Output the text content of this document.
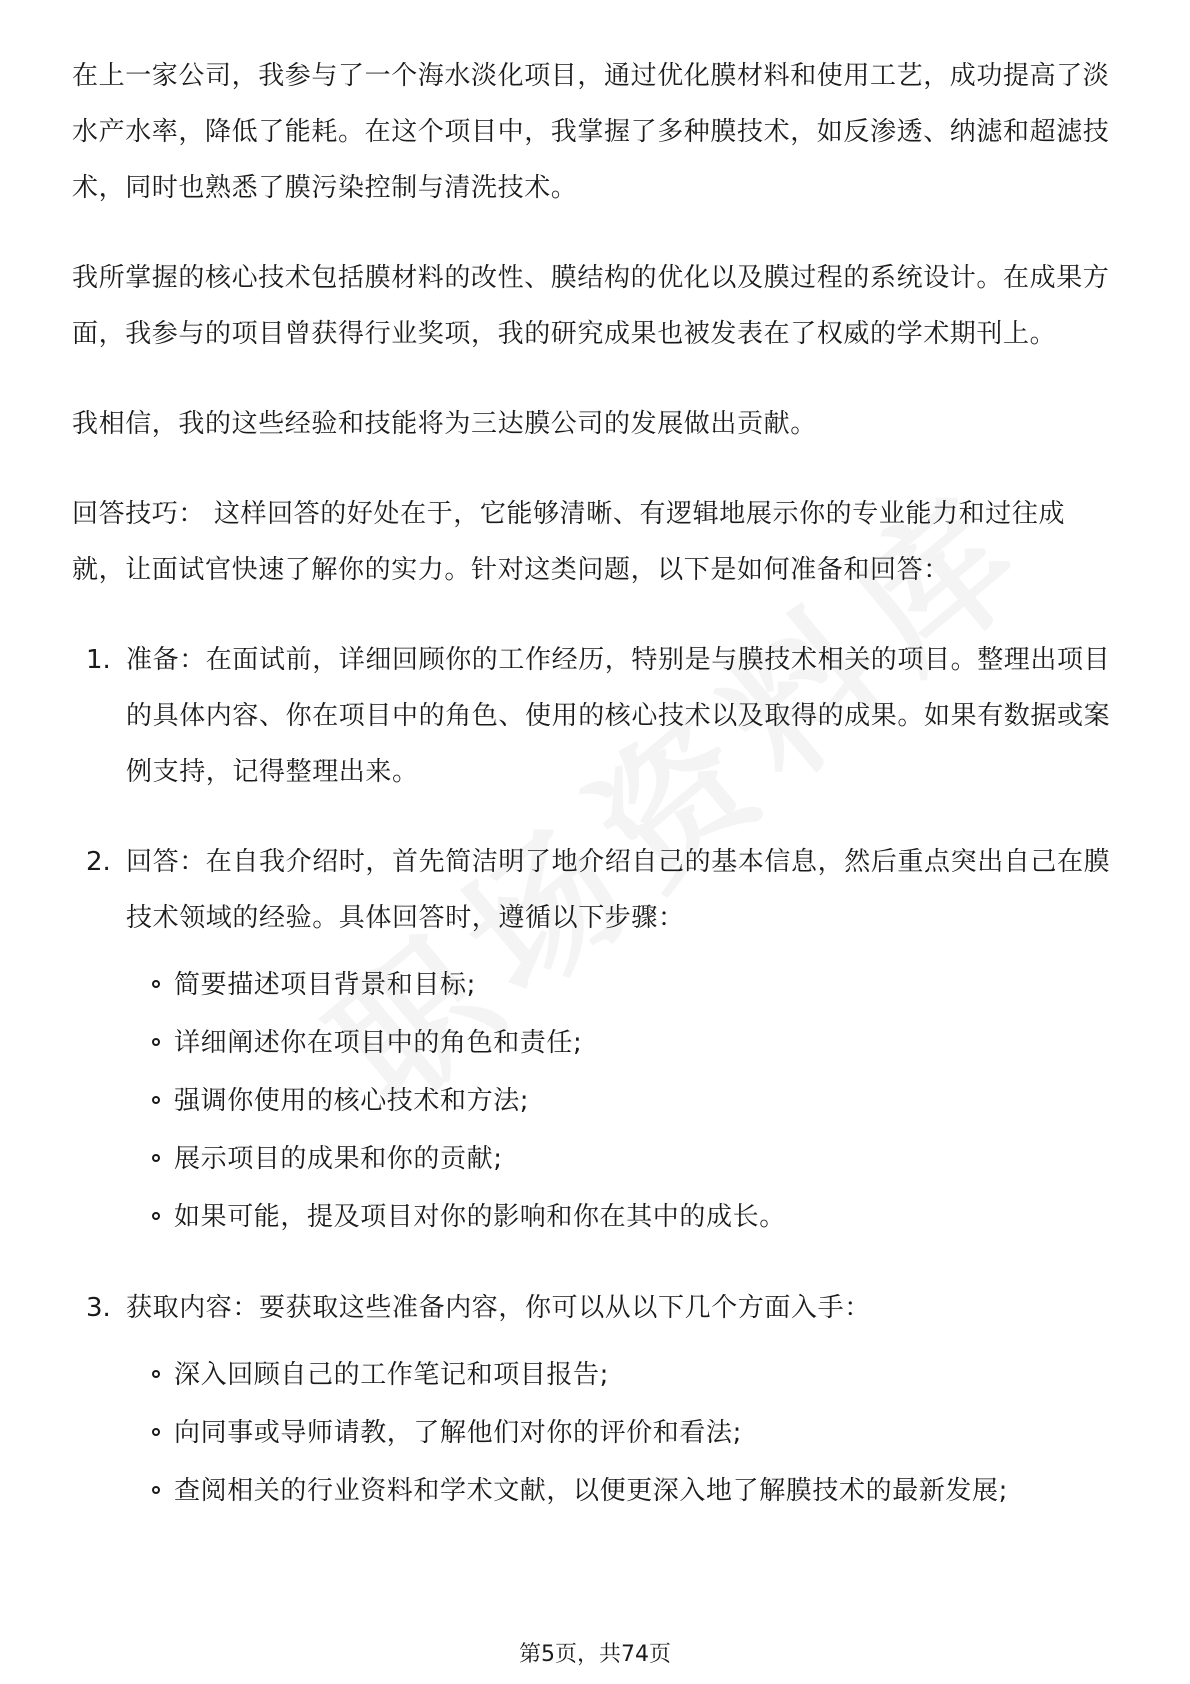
在上一家公司，我参与了一个海水淡化项目，通过优化膜材料和使用工艺，成功提高了淡水产水率，降低了能耗。在这个项目中，我掌握了多种膜技术，如反渗透、纳滤和超滤技术，同时也熟悉了膜污染控制与清洗技术。

我所掌握的核心技术包括膜材料的改性、膜结构的优化以及膜过程的系统设计。在成果方面，我参与的项目曾获得行业奖项，我的研究成果也被发表在了权威的学术期刊上。

我相信，我的这些经验和技能将为三达膜公司的发展做出贡献。

回答技巧： 这样回答的好处在于，它能够清晰、有逻辑地展示你的专业能力和过往成就，让面试官快速了解你的实力。针对这类问题，以下是如何准备和回答：

1. 准备：在面试前，详细回顾你的工作经历，特别是与膜技术相关的项目。整理出项目的具体内容、你在项目中的角色、使用的核心技术以及取得的成果。如果有数据或案例支持，记得整理出来。

2. 回答：在自我介绍时，首先简洁明了地介绍自己的基本信息，然后重点突出自己在膜技术领域的经验。具体回答时，遵循以下步骤：

简要描述项目背景和目标;
详细阐述你在项目中的角色和责任;
强调你使用的核心技术和方法;
展示项目的成果和你的贡献;
如果可能，提及项目对你的影响和你在其中的成长。
3. 获取内容：要获取这些准备内容，你可以从以下几个方面入手：

深入回顾自己的工作笔记和项目报告;
向同事或导师请教，了解他们对你的评价和看法;
查阅相关的行业资料和学术文献，以便更深入地了解膜技术的最新发展;
第5页，共74页
